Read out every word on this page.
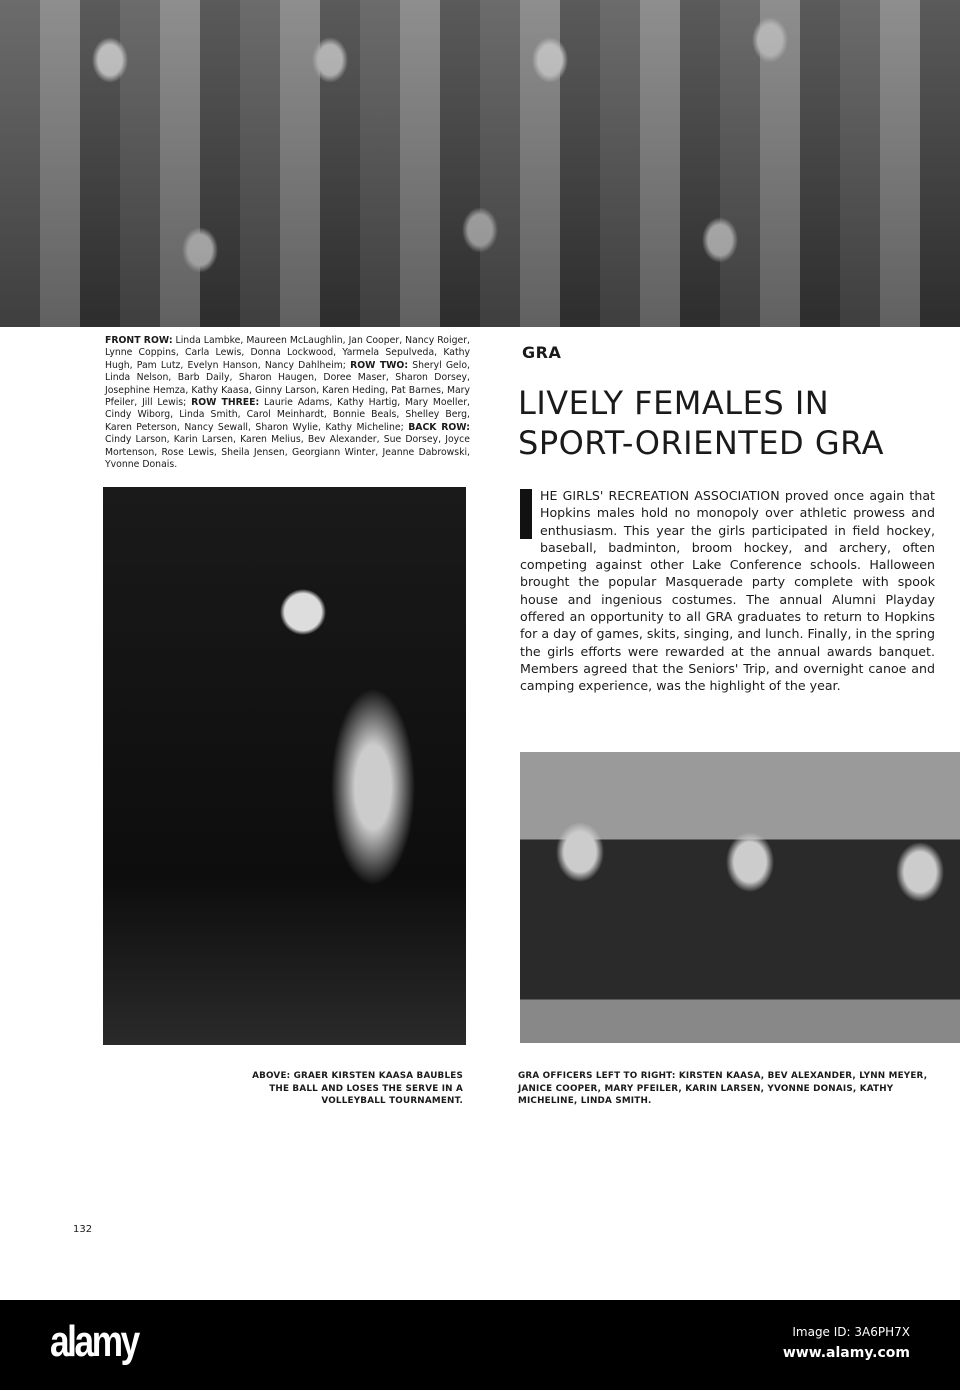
FRONT ROW: Linda Lambke, Maureen McLaughlin, Jan Cooper, Nancy Roiger, Lynne Coppins, Carla Lewis, Donna Lockwood, Yarmela Sepulveda, Kathy Hugh, Pam Lutz, Evelyn Hanson, Nancy Dahlheim; ROW TWO: Sheryl Gelo, Linda Nelson, Barb Daily, Sharon Haugen, Doree Maser, Sharon Dorsey, Josephine Hemza, Kathy Kaasa, Ginny Larson, Karen Heding, Pat Barnes, Mary Pfeiler, Jill Lewis; ROW THREE: Laurie Adams, Kathy Hartig, Mary Moeller, Cindy Wiborg, Linda Smith, Carol Meinhardt, Bonnie Beals, Shelley Berg, Karen Peterson, Nancy Sewall, Sharon Wylie, Kathy Micheline; BACK ROW: Cindy Larson, Karin Larsen, Karen Melius, Bev Alexander, Sue Dorsey, Joyce Mortenson, Rose Lewis, Sheila Jensen, Georgiann Winter, Jeanne Dabrowski, Yvonne Donais.
GRA
LIVELY FEMALES IN SPORT-ORIENTED GRA
HE GIRLS' RECREATION ASSOCIATION proved once again that Hopkins males hold no monopoly over athletic prowess and enthusiasm. This year the girls participated in field hockey, baseball, badminton, broom hockey, and archery, often competing against other Lake Conference schools. Halloween brought the popular Masquerade party complete with spook house and ingenious costumes. The annual Alumni Playday offered an opportunity to all GRA graduates to return to Hopkins for a day of games, skits, singing, and lunch. Finally, in the spring the girls efforts were rewarded at the annual awards banquet. Members agreed that the Seniors' Trip, and overnight canoe and camping experience, was the highlight of the year.
ABOVE: GRAER KIRSTEN KAASA BAUBLES THE BALL AND LOSES THE SERVE IN A VOLLEYBALL TOURNAMENT.
GRA OFFICERS LEFT TO RIGHT: KIRSTEN KAASA, BEV ALEXANDER, LYNN MEYER, JANICE COOPER, MARY PFEILER, KARIN LARSEN, YVONNE DONAIS, KATHY MICHELINE, LINDA SMITH.
132
alamy	Image ID: 3A6PH7X
www.alamy.com
